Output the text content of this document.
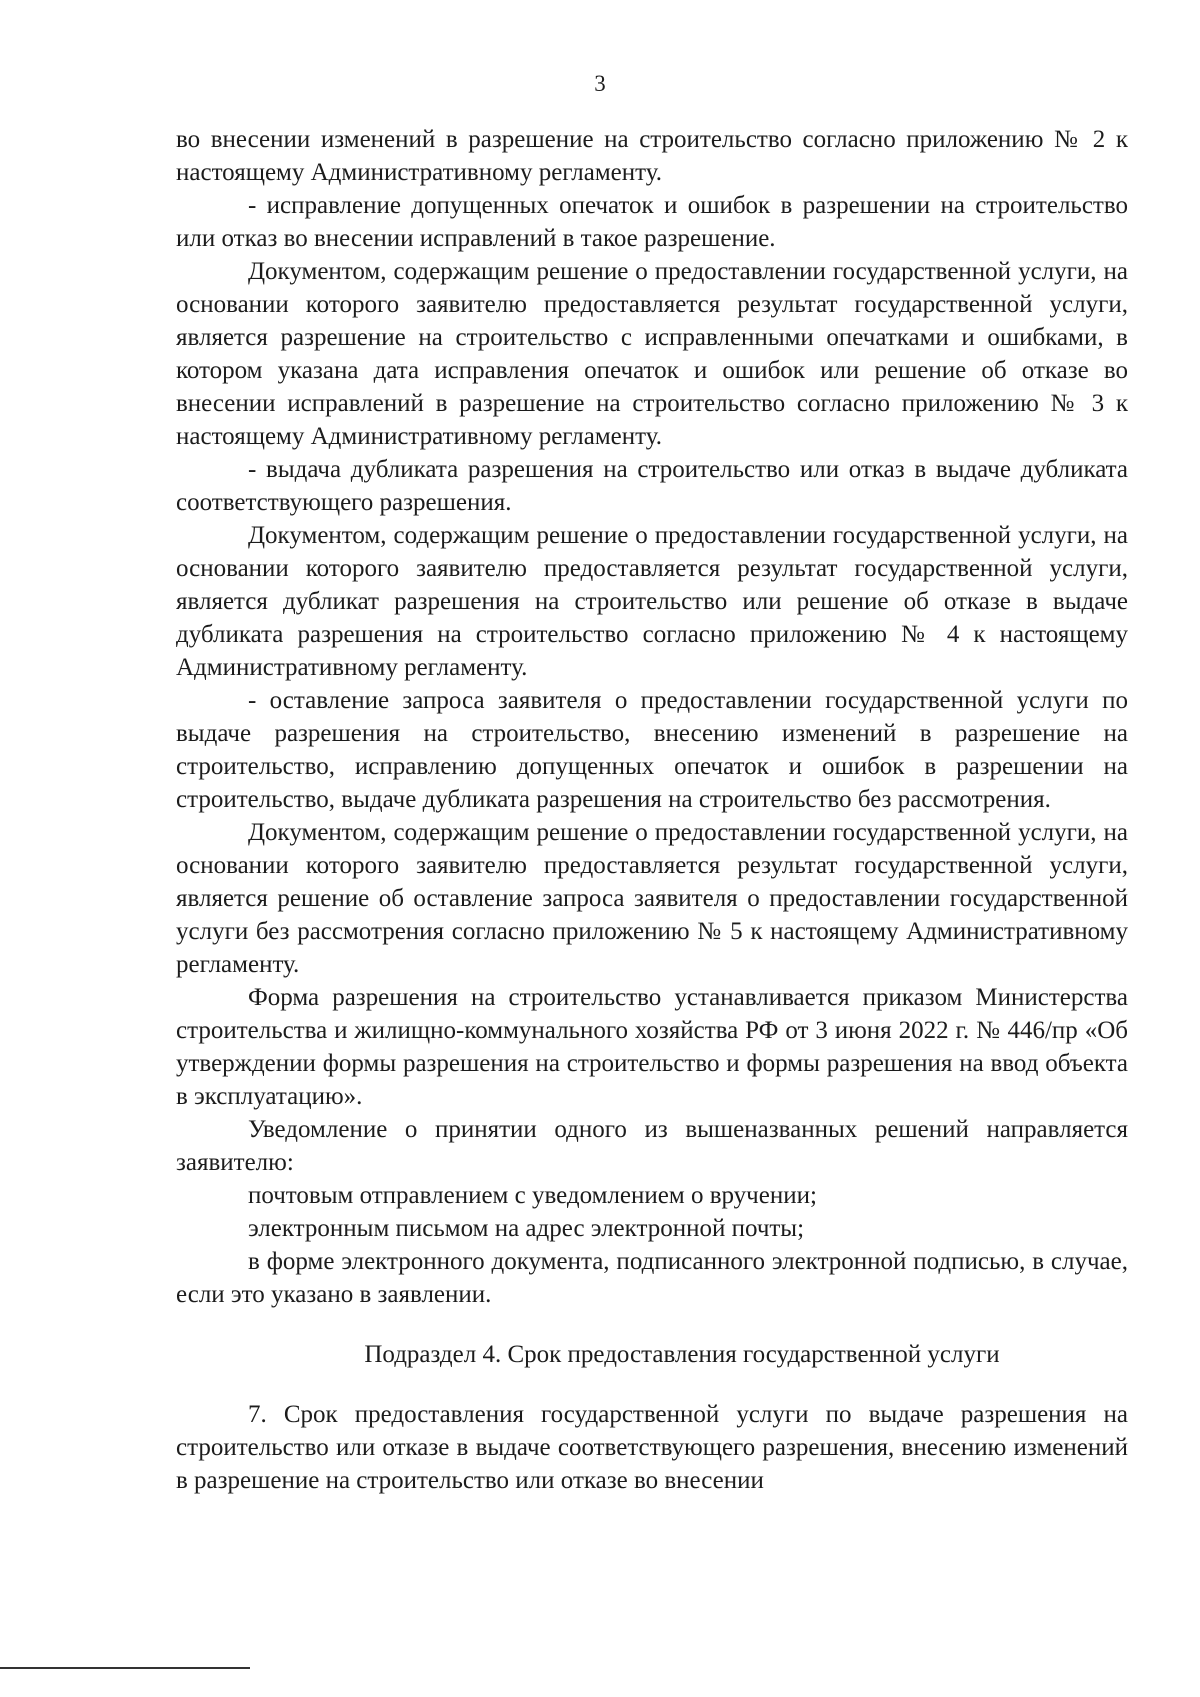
3

во внесении изменений в разрешение на строительство согласно приложению № 2 к настоящему Административному регламенту.

- исправление допущенных опечаток и ошибок в разрешении на строительство или отказ во внесении исправлений в такое разрешение.

Документом, содержащим решение о предоставлении государственной услуги, на основании которого заявителю предоставляется результат государственной услуги, является разрешение на строительство с исправленными опечатками и ошибками, в котором указана дата исправления опечаток и ошибок или решение об отказе во внесении исправлений в разрешение на строительство согласно приложению № 3 к настоящему Административному регламенту.

- выдача дубликата разрешения на строительство или отказ в выдаче дубликата соответствующего разрешения.

Документом, содержащим решение о предоставлении государственной услуги, на основании которого заявителю предоставляется результат государственной услуги, является дубликат разрешения на строительство или решение об отказе в выдаче дубликата разрешения на строительство согласно приложению № 4 к настоящему Административному регламенту.

- оставление запроса заявителя о предоставлении государственной услуги по выдаче разрешения на строительство, внесению изменений в разрешение на строительство, исправлению допущенных опечаток и ошибок в разрешении на строительство, выдаче дубликата разрешения на строительство без рассмотрения.

Документом, содержащим решение о предоставлении государственной услуги, на основании которого заявителю предоставляется результат государственной услуги, является решение об оставление запроса заявителя о предоставлении государственной услуги без рассмотрения согласно приложению № 5 к настоящему Административному регламенту.

Форма разрешения на строительство устанавливается приказом Министерства строительства и жилищно-коммунального хозяйства РФ от 3 июня 2022 г. № 446/пр «Об утверждении формы разрешения на строительство и формы разрешения на ввод объекта в эксплуатацию».

Уведомление о принятии одного из вышеназванных решений направляется заявителю:

почтовым отправлением с уведомлением о вручении;

электронным письмом на адрес электронной почты;

в форме электронного документа, подписанного электронной подписью, в случае, если это указано в заявлении.

Подраздел 4. Срок предоставления государственной услуги

7. Срок предоставления государственной услуги по выдаче разрешения на строительство или отказе в выдаче соответствующего разрешения, внесению изменений в разрешение на строительство или отказе во внесении
